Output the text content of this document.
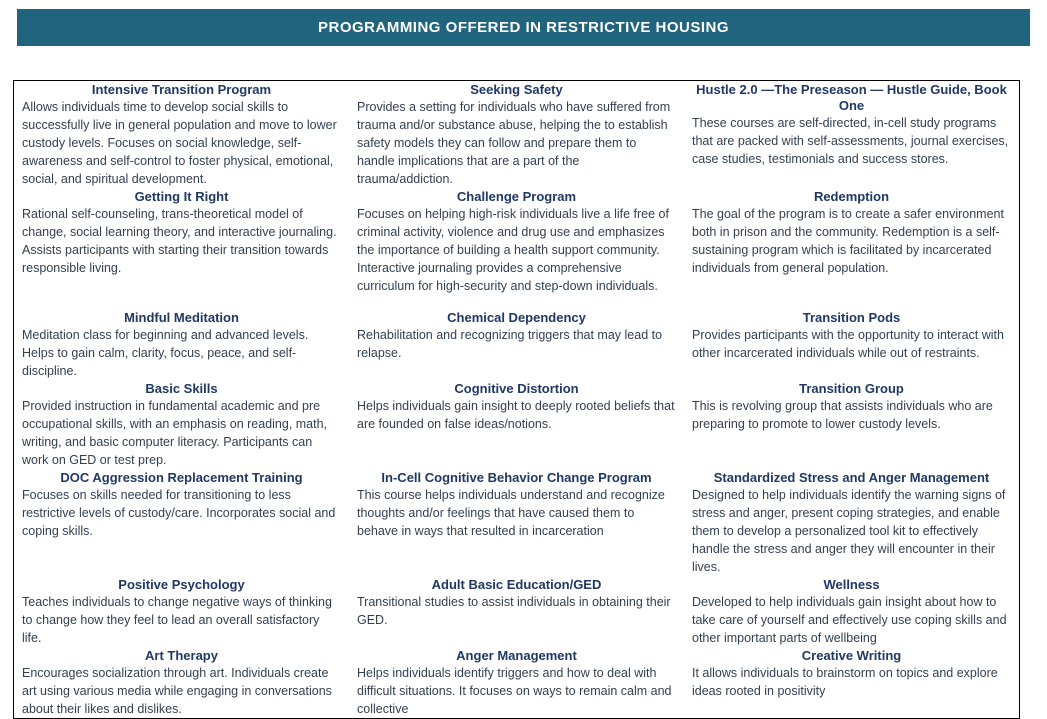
PROGRAMMING OFFERED IN RESTRICTIVE HOUSING
Intensive Transition Program

Allows individuals time to develop social skills to successfully live in general population and move to lower custody levels. Focuses on social knowledge, self-awareness and self-control to foster physical, emotional, social, and spiritual development.

Seeking Safety

Provides a setting for individuals who have suffered from trauma and/or substance abuse, helping the to establish safety models they can follow and prepare them to handle implications that are a part of the trauma/addiction.

Hustle 2.0 —The Preseason — Hustle Guide, Book One

These courses are self-directed, in-cell study programs that are packed with self-assessments, journal exercises, case studies, testimonials and success stores.

Getting It Right

Rational self-counseling, trans-theoretical model of change, social learning theory, and interactive journaling. Assists participants with starting their transition towards responsible living.

Challenge Program

Focuses on helping high-risk individuals live a life free of criminal activity, violence and drug use and emphasizes the importance of building a health support community. Interactive journaling provides a comprehensive curriculum for high-security and step-down individuals.

Redemption

The goal of the program is to create a safer environment both in prison and the community. Redemption is a self-sustaining program which is facilitated by incarcerated individuals from general population.

Mindful Meditation

Meditation class for beginning and advanced levels. Helps to gain calm, clarity, focus, peace, and self-discipline.

Chemical Dependency

Rehabilitation and recognizing triggers that may lead to relapse.

Transition Pods

Provides participants with the opportunity to interact with other incarcerated individuals while out of restraints.

Basic Skills

Provided instruction in fundamental academic and pre occupational skills, with an emphasis on reading, math, writing, and basic computer literacy. Participants can work on GED or test prep.

Cognitive Distortion

Helps individuals gain insight to deeply rooted beliefs that are founded on false ideas/notions.

Transition Group

This is revolving group that assists individuals who are preparing to promote to lower custody levels.

DOC Aggression Replacement Training

Focuses on skills needed for transitioning to less restrictive levels of custody/care. Incorporates social and coping skills.

In-Cell Cognitive Behavior Change Program

This course helps individuals understand and recognize thoughts and/or feelings that have caused them to behave in ways that resulted in incarceration

Standardized Stress and Anger Management

Designed to help individuals identify the warning signs of stress and anger, present coping strategies, and enable them to develop a personalized tool kit to effectively handle the stress and anger they will encounter in their lives.

Positive Psychology

Teaches individuals to change negative ways of thinking to change how they feel to lead an overall satisfactory life.

Adult Basic Education/GED

Transitional studies to assist individuals in obtaining their GED.

Wellness

Developed to help individuals gain insight about how to take care of yourself and effectively use coping skills and other important parts of wellbeing

Art Therapy

Encourages socialization through art. Individuals create art using various media while engaging in conversations about their likes and dislikes.

Anger Management

Helps individuals identify triggers and how to deal with difficult situations. It focuses on ways to remain calm and collective

Creative Writing

It allows individuals to brainstorm on topics and explore ideas rooted in positivity
